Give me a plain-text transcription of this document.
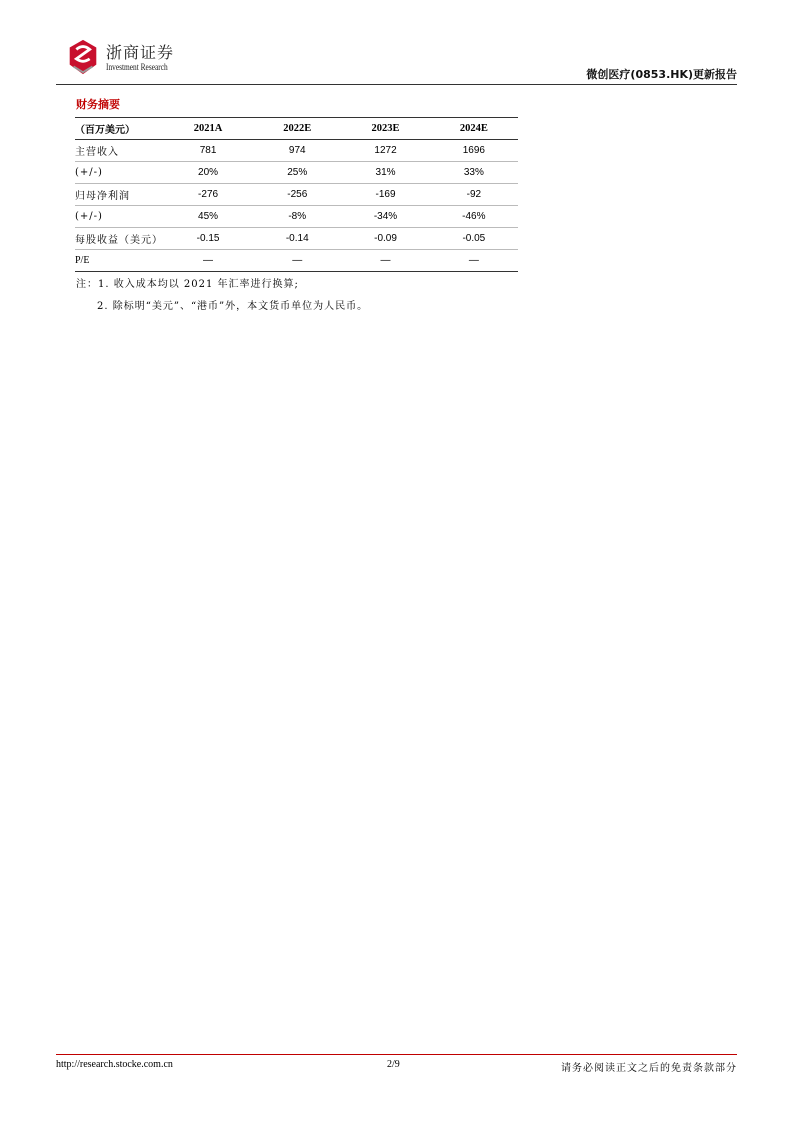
浙商证券
Investment Research
微创医疗(0853.HK)更新报告
财务摘要
（百万美元）	2021A	2022E	2023E	2024E
主营收入	781	974	1272	1696
(+/-)	20%	25%	31%	33%
归母净利润	-276	-256	-169	-92
(+/-)	45%	-8%	-34%	-46%
每股收益（美元）	-0.15	-0.14	-0.09	-0.05
P/E	—	—	—	—
注：1. 收入成本均以 2021 年汇率进行换算;
2. 除标明“美元”、“港币”外，本文货币单位为人民币。
http://research.stocke.com.cn	2/9	请务必阅读正文之后的免责条款部分
